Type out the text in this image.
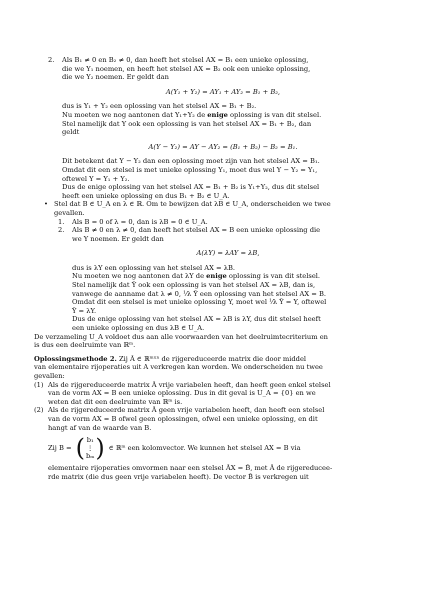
2. Als B₁ ≠ 0 en B₂ ≠ 0, dan heeft het stelsel AX = B₁ een unieke oplossing,

die we Y₁ noemen, en heeft het stelsel AX = B₂ ook een unieke oplossing,

die we Y₂ noemen. Er geldt dan

A(Y₁ + Y₂) = AY₁ + AY₂ = B₁ + B₂,

dus is Y₁ + Y₂ een oplossing van het stelsel AX = B₁ + B₂.

Nu moeten we nog aantonen dat Y₁+Y₂ de enige oplossing is van dit stelsel.

Stel namelijk dat Y ook een oplossing is van het stelsel AX = B₁ + B₂, dan

geldt

A(Y − Y₂) = AY − AY₂ = (B₁ + B₂) − B₂ = B₁.

Dit betekent dat Y − Y₂ dan een oplossing moet zijn van het stelsel AX = B₁.

Omdat dit een stelsel is met unieke oplossing Y₁, moet dus wel Y − Y₂ = Y₁,

oftewel Y = Y₁ + Y₂.

Dus de enige oplossing van het stelsel AX = B₁ + B₂ is Y₁+Y₂, dus dit stelsel

heeft een unieke oplossing en dus B₁ + B₂ ∈ U_A.

• Stel dat B ∈ U_A en λ ∈ ℝ. Om te bewijzen dat λB ∈ U_A, onderscheiden we twee

gevallen.

1. Als B = 0 of λ = 0, dan is λB = 0 ∈ U_A.

2. Als B ≠ 0 en λ ≠ 0, dan heeft het stelsel AX = B een unieke oplossing die

we Y noemen. Er geldt dan

A(λY) = λAY = λB,

dus is λY een oplossing van het stelsel AX = λB.

Nu moeten we nog aantonen dat λY de enige oplossing is van dit stelsel.

Stel namelijk dat Ỹ ook een oplossing is van het stelsel AX = λB, dan is,

vanwege de aanname dat λ ≠ 0, ¹⁄λ Ỹ een oplossing van het stelsel AX = B.

Omdat dit een stelsel is met unieke oplossing Y, moet wel ¹⁄λ Ỹ = Y, oftewel

Ỹ = λY.

Dus de enige oplossing van het stelsel AX = λB is λY, dus dit stelsel heeft

een unieke oplossing en dus λB ∈ U_A.

De verzameling U_A voldoet dus aan alle voorwaarden van het deelruimtecriterium en

is dus een deelruimte van ℝᵐ.

Oplossingsmethode 2. Zij Â ∈ ℝᵐˣⁿ de rijgereduceerde matrix die door middel

van elementaire rijoperaties uit A verkregen kan worden. We onderscheiden nu twee

gevallen:

(1) Als de rijgereduceerde matrix Â vrije variabelen heeft, dan heeft geen enkel stelsel

van de vorm AX = B een unieke oplossing. Dus in dit geval is U_A = {0} en we

weten dat dit een deelruimte van ℝᵐ is.

(2) Als de rijgereduceerde matrix Â geen vrije variabelen heeft, dan heeft een stelsel

van de vorm AX = B ofwel geen oplossingen, ofwel een unieke oplossing, en dit

hangt af van de waarde van B.

Zij B = ( b₁
⋮
bₘ ) ∈ ℝᵐ een kolomvector. We kunnen het stelsel AX = B via

elementaire rijoperaties omvormen naar een stelsel ÂX = B̂, met Â de rijgereducee-

rde matrix (die dus geen vrije variabelen heeft). De vector B̂ is verkregen uit
